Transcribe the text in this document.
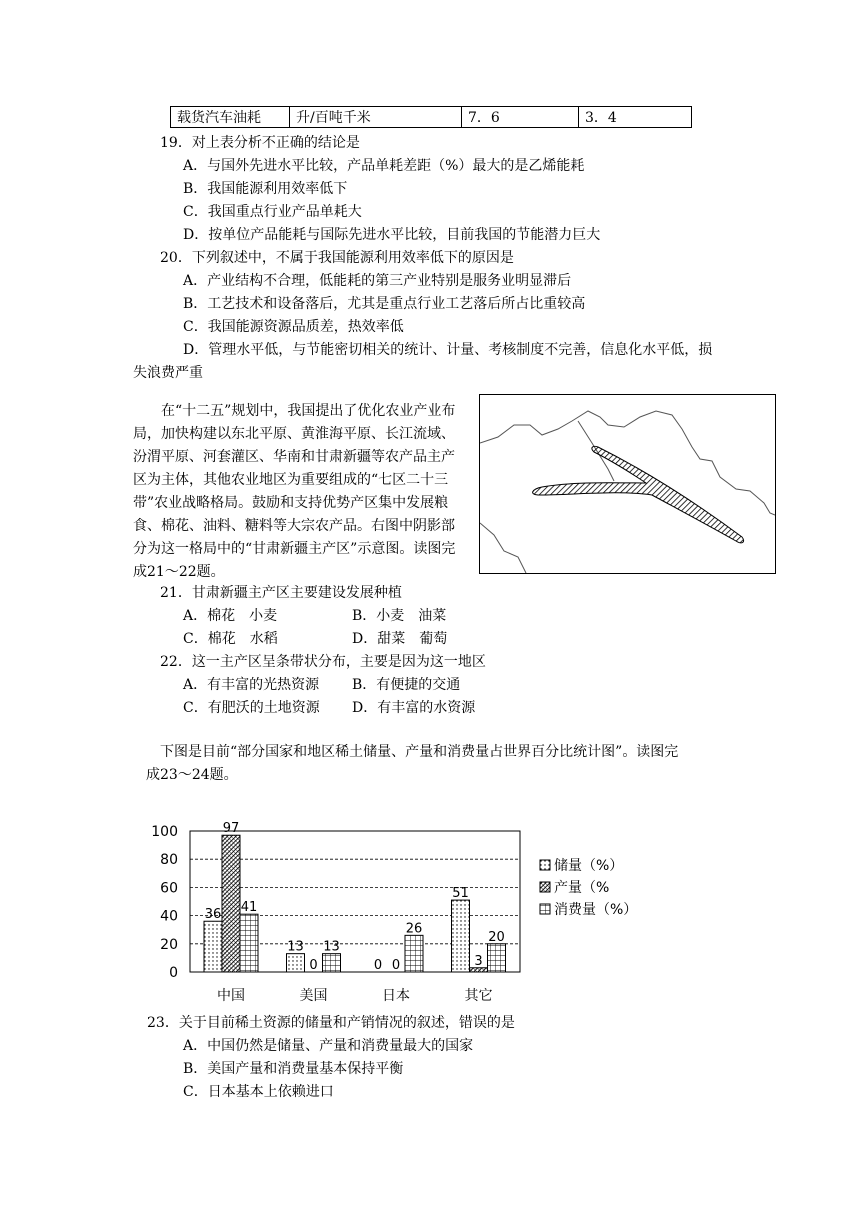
载货汽车油耗	升/百吨千米	7．6	3．4
19．对上表分析不正确的结论是
A．与国外先进水平比较，产品单耗差距（%）最大的是乙烯能耗
B．我国能源利用效率低下
C．我国重点行业产品单耗大
D．按单位产品能耗与国际先进水平比较，目前我国的节能潜力巨大
20．下列叙述中，不属于我国能源利用效率低下的原因是
A．产业结构不合理，低能耗的第三产业特别是服务业明显滞后
B．工艺技术和设备落后，尤其是重点行业工艺落后所占比重较高
C．我国能源资源品质差，热效率低
D．管理水平低，与节能密切相关的统计、计量、考核制度不完善，信息化水平低，损
失浪费严重
在“十二五”规划中，我国提出了优化农业产业布局，加快构建以东北平原、黄淮海平原、长江流域、汾渭平原、河套灌区、华南和甘肃新疆等农产品主产区为主体，其他农业地区为重要组成的“七区二十三带”农业战略格局。鼓励和支持优势产区集中发展粮食、棉花、油料、糖料等大宗农产品。右图中阴影部分为这一格局中的“甘肃新疆主产区”示意图。读图完成21～22题。
21．甘肃新疆主产区主要建设发展种植
A．棉花　小麦	B．小麦　油菜
C．棉花　水稻	D．甜菜　葡萄
22．这一主产区呈条带状分布，主要是因为这一地区
A．有丰富的光热资源 B．有便捷的交通
C．有肥沃的土地资源 D．有丰富的水资源
下图是目前“部分国家和地区稀土储量、产量和消费量占世界百分比统计图”。读图完
成23～24题。
0
20
40
60
80
100
36
97
41
13
0
13
0 0
26
51
3
20
中国	美国	日本	其它
储量（%）
产量（%
消费量（%）
23．关于目前稀土资源的储量和产销情况的叙述，错误的是
A．中国仍然是储量、产量和消费量最大的国家
B．美国产量和消费量基本保持平衡
C．日本基本上依赖进口
